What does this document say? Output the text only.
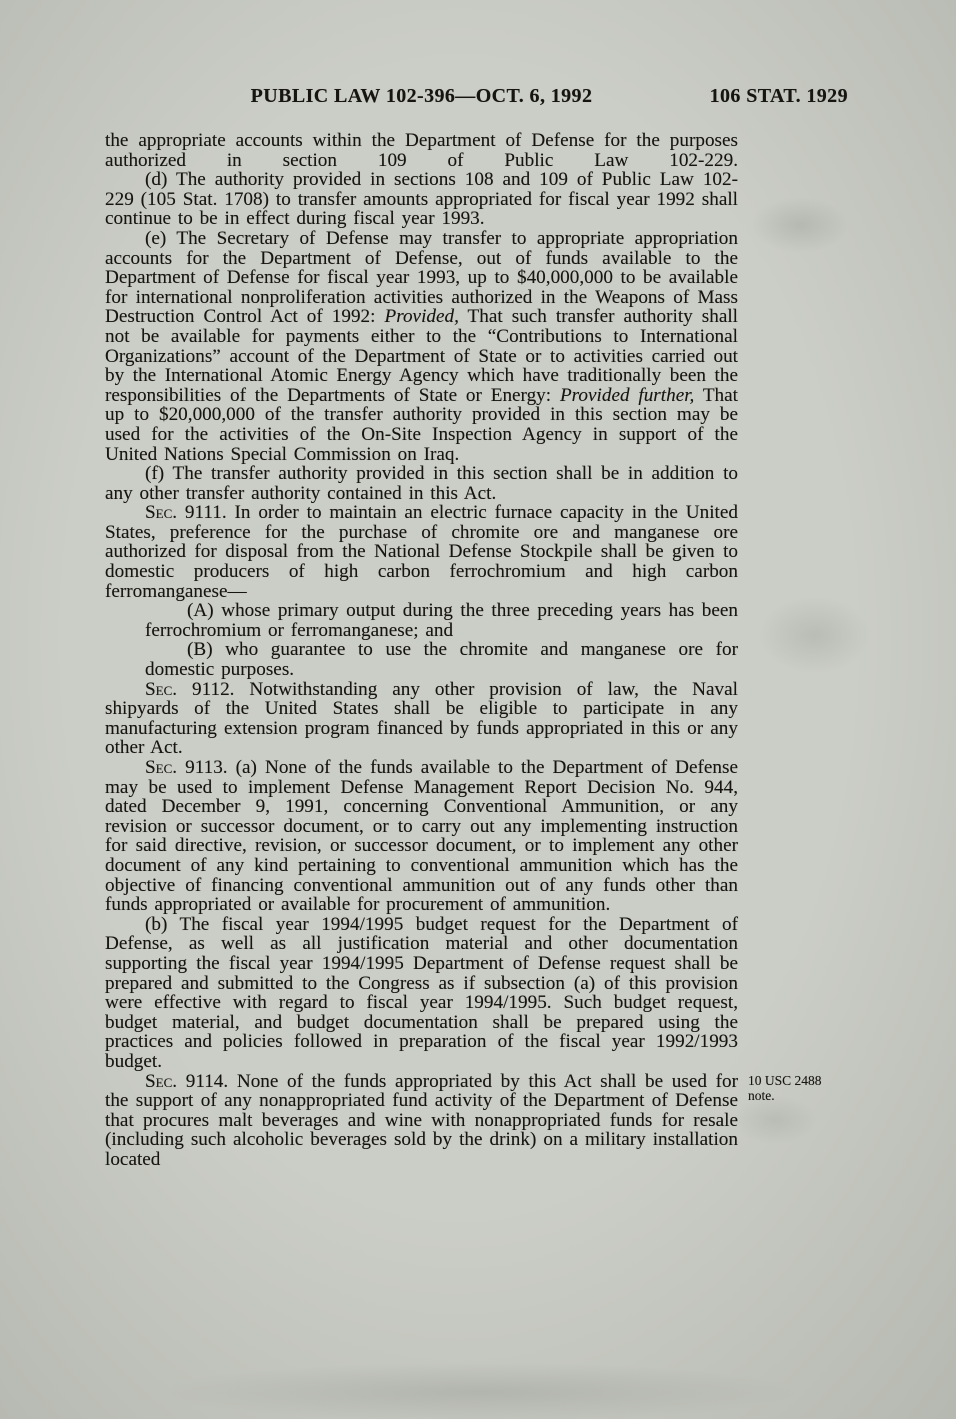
PUBLIC LAW 102-396—OCT. 6, 1992	106 STAT. 1929

the appropriate accounts within the Department of Defense for the purposes authorized in section 109 of Public Law 102-229.

(d) The authority provided in sections 108 and 109 of Public Law 102-229 (105 Stat. 1708) to transfer amounts appropriated for fiscal year 1992 shall continue to be in effect during fiscal year 1993.

(e) The Secretary of Defense may transfer to appropriate appropriation accounts for the Department of Defense, out of funds available to the Department of Defense for fiscal year 1993, up to $40,000,000 to be available for international nonproliferation activities authorized in the Weapons of Mass Destruction Control Act of 1992: Provided, That such transfer authority shall not be available for payments either to the “Contributions to International Organizations” account of the Department of State or to activities carried out by the International Atomic Energy Agency which have traditionally been the responsibilities of the Departments of State or Energy: Provided further, That up to $20,000,000 of the transfer authority provided in this section may be used for the activities of the On-Site Inspection Agency in support of the United Nations Special Commission on Iraq.

(f) The transfer authority provided in this section shall be in addition to any other transfer authority contained in this Act.

Sec. 9111. In order to maintain an electric furnace capacity in the United States, preference for the purchase of chromite ore and manganese ore authorized for disposal from the National Defense Stockpile shall be given to domestic producers of high carbon ferrochromium and high carbon ferromanganese—

(A) whose primary output during the three preceding years has been ferrochromium or ferromanganese; and

(B) who guarantee to use the chromite and manganese ore for domestic purposes.

Sec. 9112. Notwithstanding any other provision of law, the Naval shipyards of the United States shall be eligible to participate in any manufacturing extension program financed by funds appropriated in this or any other Act.

Sec. 9113. (a) None of the funds available to the Department of Defense may be used to implement Defense Management Report Decision No. 944, dated December 9, 1991, concerning Conventional Ammunition, or any revision or successor document, or to carry out any implementing instruction for said directive, revision, or successor document, or to implement any other document of any kind pertaining to conventional ammunition which has the objective of financing conventional ammunition out of any funds other than funds appropriated or available for procurement of ammunition.

(b) The fiscal year 1994/1995 budget request for the Department of Defense, as well as all justification material and other documentation supporting the fiscal year 1994/1995 Department of Defense request shall be prepared and submitted to the Congress as if subsection (a) of this provision were effective with regard to fiscal year 1994/1995. Such budget request, budget material, and budget documentation shall be prepared using the practices and policies followed in preparation of the fiscal year 1992/1993 budget.

Sec. 9114. None of the funds appropriated by this Act shall be used for the support of any nonappropriated fund activity of the Department of Defense that procures malt beverages and wine with nonappropriated funds for resale (including such alcoholic beverages sold by the drink) on a military installation located
10 USC 2488 note.
